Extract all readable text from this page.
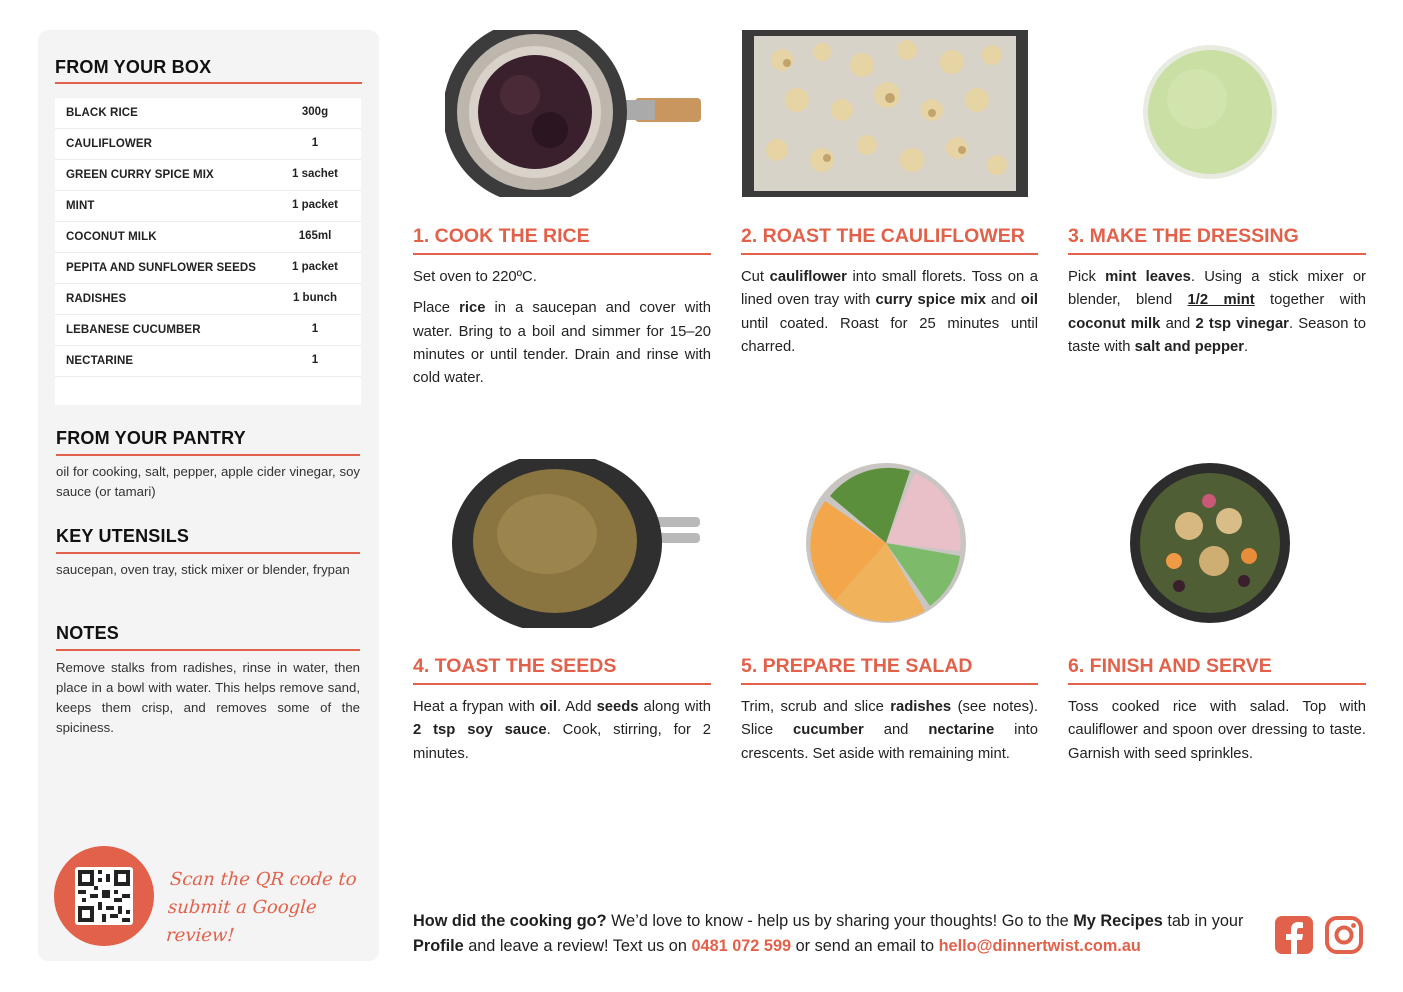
FROM YOUR BOX
BLACK RICE	300g
CAULIFLOWER	1
GREEN CURRY SPICE MIX	1 sachet
MINT	1 packet
COCONUT MILK	165ml
PEPITA AND SUNFLOWER SEEDS	1 packet
RADISHES	1 bunch
LEBANESE CUCUMBER	1
NECTARINE	1
FROM YOUR PANTRY
oil for cooking, salt, pepper, apple cider vinegar, soy sauce (or tamari)
KEY UTENSILS
saucepan, oven tray, stick mixer or blender, frypan
NOTES
Remove stalks from radishes, rinse in water, then place in a bowl with water. This helps remove sand, keeps them crisp, and removes some of the spiciness.
Scan the QR code to
submit a Google review!
1. COOK THE RICE

Set oven to 220ºC.

Place rice in a saucepan and cover with water. Bring to a boil and simmer for 15–20 minutes or until tender. Drain and rinse with cold water.

2. ROAST THE CAULIFLOWER
Cut cauliflower into small florets. Toss on a lined oven tray with curry spice mix and oil until coated. Roast for 25 minutes until charred.
3. MAKE THE DRESSING
Pick mint leaves. Using a stick mixer or blender, blend 1/2 mint together with coconut milk and 2 tsp vinegar. Season to taste with salt and pepper.
4. TOAST THE SEEDS
Heat a frypan with oil. Add seeds along with 2 tsp soy sauce. Cook, stirring, for 2 minutes.
5. PREPARE THE SALAD
Trim, scrub and slice radishes (see notes). Slice cucumber and nectarine into crescents. Set aside with remaining mint.
6. FINISH AND SERVE
Toss cooked rice with salad. Top with cauliflower and spoon over dressing to taste. Garnish with seed sprinkles.
How did the cooking go? We’d love to know - help us by sharing your thoughts! Go to the My Recipes tab in your Profile and leave a review! Text us on 0481 072 599 or send an email to hello@dinnertwist.com.au
